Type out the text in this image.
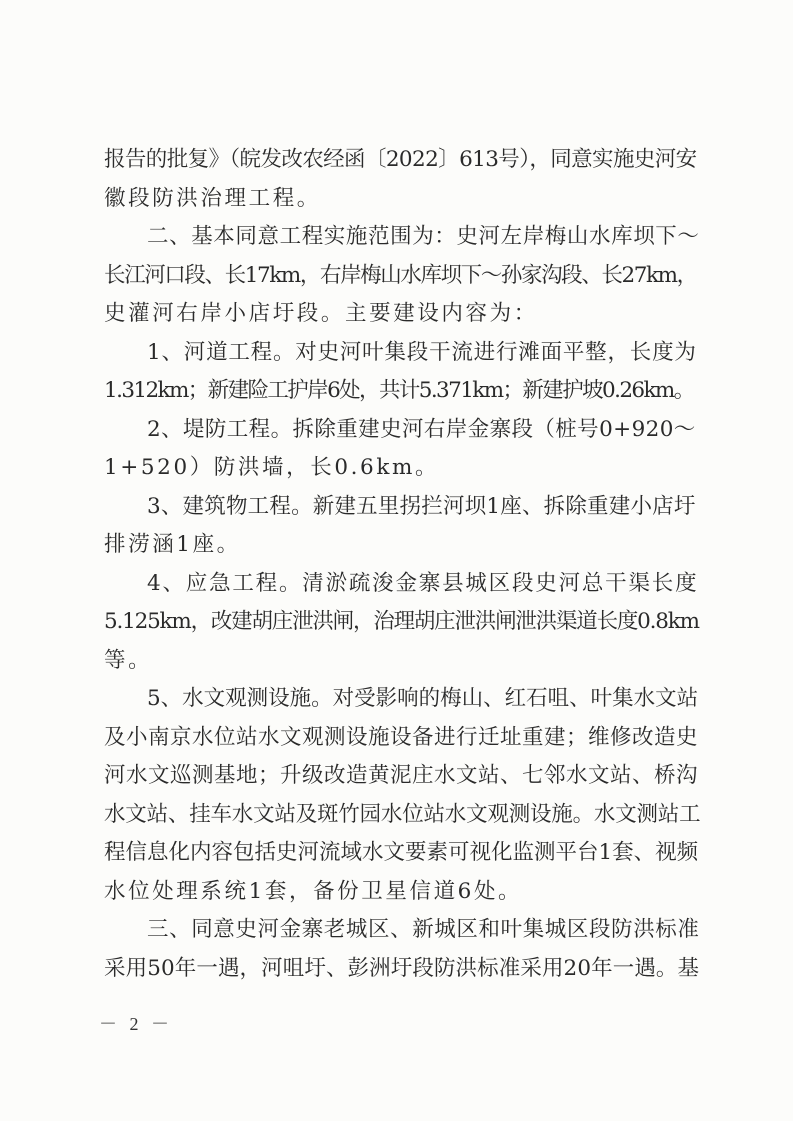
报告的批复》（皖发改农经函〔2022〕613号），同意实施史河安
徽段防洪治理工程。
二、基本同意工程实施范围为：史河左岸梅山水库坝下～
长江河口段、长17km，右岸梅山水库坝下～孙家沟段、长27km，
史灌河右岸小店圩段。主要建设内容为：
1、河道工程。对史河叶集段干流进行滩面平整，长度为
1.312km；新建险工护岸6处，共计5.371km；新建护坡0.26km。
2、堤防工程。拆除重建史河右岸金寨段（桩号0+920～
1+520）防洪墙，长0.6km。
3、建筑物工程。新建五里拐拦河坝1座、拆除重建小店圩
排涝涵1座。
4、应急工程。清淤疏浚金寨县城区段史河总干渠长度
5.125km，改建胡庄泄洪闸，治理胡庄泄洪闸泄洪渠道长度0.8km
等。
5、水文观测设施。对受影响的梅山、红石咀、叶集水文站
及小南京水位站水文观测设施设备进行迁址重建；维修改造史
河水文巡测基地；升级改造黄泥庄水文站、七邻水文站、桥沟
水文站、挂车水文站及斑竹园水位站水文观测设施。水文测站工
程信息化内容包括史河流域水文要素可视化监测平台1套、视频
水位处理系统1套，备份卫星信道6处。
三、同意史河金寨老城区、新城区和叶集城区段防洪标准
采用50年一遇，河咀圩、彭洲圩段防洪标准采用20年一遇。基
－ 2 －
